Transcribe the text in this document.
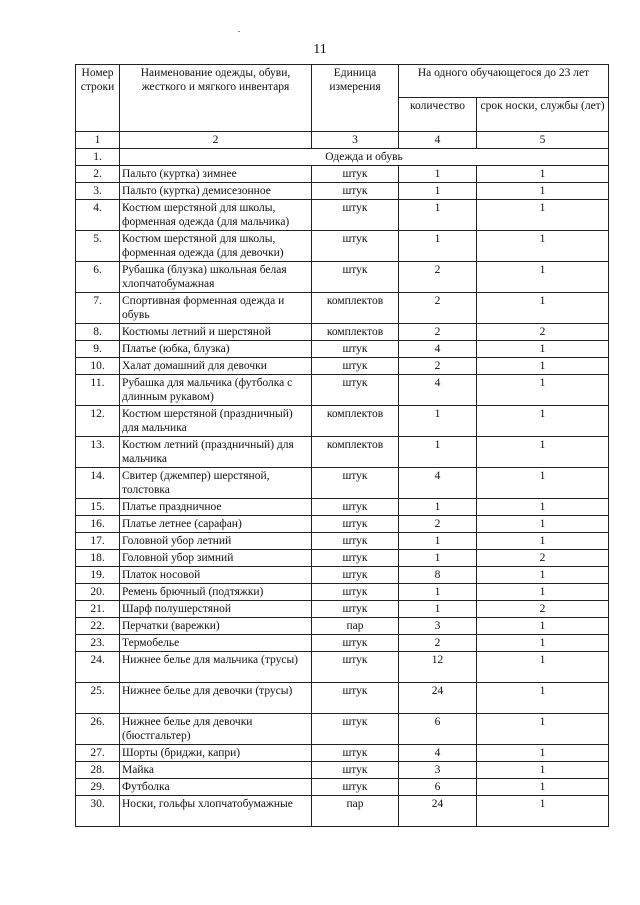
11
Номер строки	Наименование одежды, обуви, жесткого и мягкого инвентаря	Единица измерения	На одного обучающегося до 23 лет	
			количество	срок носки, службы (лет)
1	2	3	4	5
1.	Одежда и обувь			
2.	Пальто (куртка) зимнее	штук	1	1
3.	Пальто (куртка) демисезонное	штук	1	1
4.	Костюм шерстяной для школы, форменная одежда (для мальчика)	штук	1	1
5.	Костюм шерстяной для школы, форменная одежда (для девочки)	штук	1	1
6.	Рубашка (блузка) школьная белая хлопчатобумажная	штук	2	1
7.	Спортивная форменная одежда и обувь	комплектов	2	1
8.	Костюмы летний и шерстяной	комплектов	2	2
9.	Платье (юбка, блузка)	штук	4	1
10.	Халат домашний для девочки	штук	2	1
11.	Рубашка для мальчика (футболка с длинным рукавом)	штук	4	1
12.	Костюм шерстяной (праздничный) для мальчика	комплектов	1	1
13.	Костюм летний (праздничный) для мальчика	комплектов	1	1
14.	Свитер (джемпер) шерстяной, толстовка	штук	4	1
15.	Платье праздничное	штук	1	1
16.	Платье летнее (сарафан)	штук	2	1
17.	Головной убор летний	штук	1	1
18.	Головной убор зимний	штук	1	2
19.	Платок носовой	штук	8	1
20.	Ремень брючный (подтяжки)	штук	1	1
21.	Шарф полушерстяной	штук	1	2
22.	Перчатки (варежки)	пар	3	1
23.	Термобелье	штук	2	1
24.	Нижнее белье для мальчика (трусы)	штук	12	1
25.	Нижнее белье для девочки (трусы)	штук	24	1
26.	Нижнее белье для девочки (бюстгальтер)	штук	6	1
27.	Шорты (бриджи, капри)	штук	4	1
28.	Майка	штук	3	1
29.	Футболка	штук	6	1
30.	Носки, гольфы хлопчатобумажные	пар	24	1
